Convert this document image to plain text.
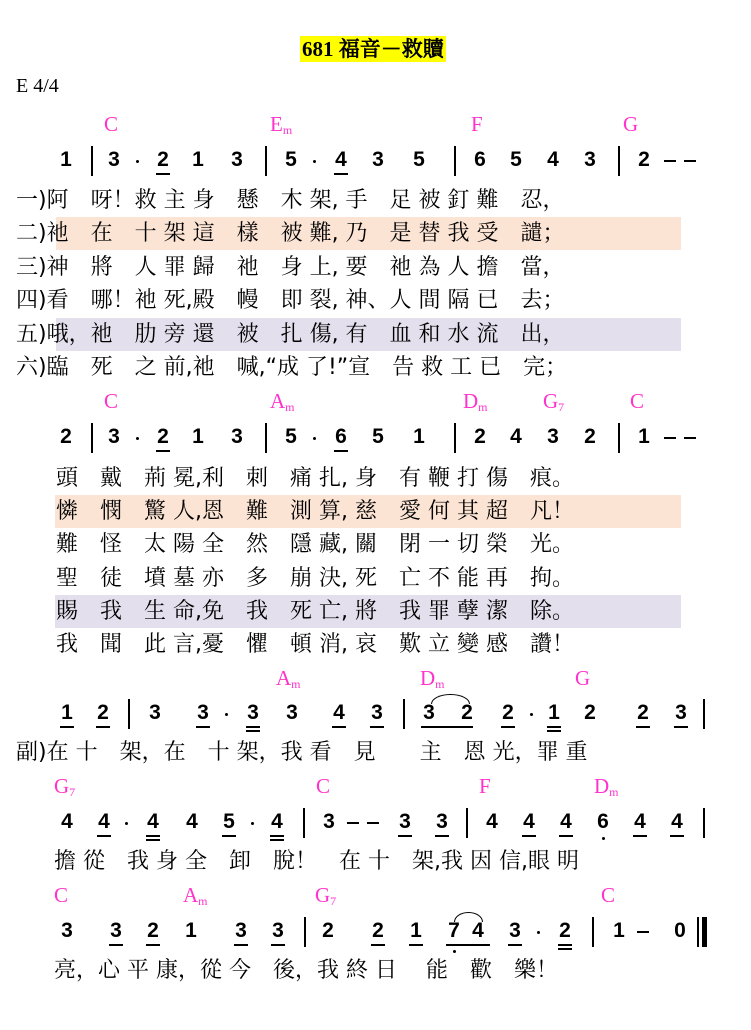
681 福音－救贖
E 4/4
C	$E_m$	F	G
1 3 2 1 3 5 4 3 5 6 5 4 3 2
一)阿　呀！救 主 身　懸　木 架, 手　足 被 釘 難　忍，
二)祂　在　十 架 這　樣　被 難, 乃　是 替 我 受　譴；
三)神　將　人 罪 歸　祂　身 上, 要　祂 為 人 擔　當，
四)看　哪！祂 死,殿　幔　即 裂, 神、人 間 隔 已　去；
五)哦，祂　肋 旁 還　被　扎 傷, 有　血 和 水 流　出，
六)臨　死　之 前,祂　喊,“成 了!”宣　告 救 工 已　完；
C	$A_m$	$D_m$	$G_7$	C
2 3 2 1 3 5 6 5 1 2 4 3 2 1
頭　戴　荊 冕,利　刺　痛 扎, 身　有 鞭 打 傷　痕。
憐　憫　驚 人,恩　難　測 算, 慈　愛 何 其 超　凡！
難　怪　太 陽 全　然　隱 藏, 關　閉 一 切 榮　光。
聖　徒　墳 墓 亦　多　崩 決, 死　亡 不 能 再　拘。
賜　我　生 命,免　我　死 亡, 將　我 罪 孽 潔　除。
我　聞　此 言,憂　懼　頓 消, 哀　歎 立 變 感　讚！
$A_m$	$D_m$	G
1 2 3 3 3 3 4 3 3 2 2 1 2 2 3
副)在 十　架，在　十 架，我 看　見　　主　恩 光，罪 重
$G_7$	C	F	$D_m$
4 4 4 4 5 4 3	3 3 4 4 4 6 4 4
擔 從　我 身 全　卸　脫！　在 十　架,我 因 信,眼 明
C	$A_m$	$G_7$	C
3 3 2 1 3 3 2 2 1 7 4 3 2 1 0
亮，心 平 康，從 今　後，我 終 日　 能　歡　樂！
